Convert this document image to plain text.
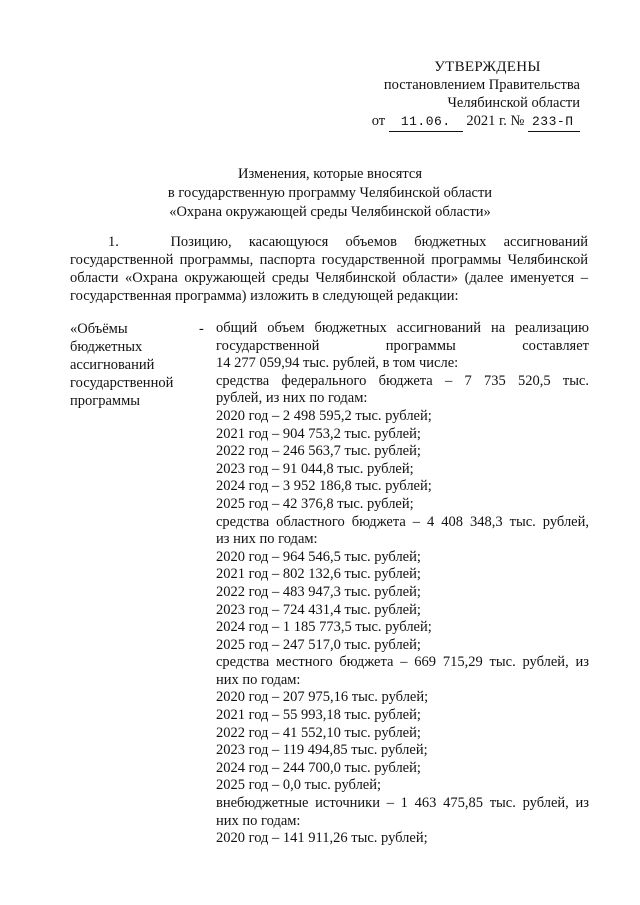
УТВЕРЖДЕНЫ
постановлением Правительства
Челябинской области
от 11.06. 2021 г. № 233-П
Изменения, которые вносятся
в государственную программу Челябинской области
«Охрана окружающей среды Челябинской области»
1.   Позицию, касающуюся объемов бюджетных ассигнований государственной программы, паспорта государственной программы Челябинской области «Охрана окружающей среды Челябинской области» (далее именуется – государственная программа) изложить в следующей редакции:
«Объёмы
бюджетных
ассигнований
государственной
программы
- общий объем бюджетных ассигнований на реализацию
государственной программы составляет
14 277 059,94 тыс. рублей, в том числе:
средства федерального бюджета – 7 735 520,5 тыс.
рублей, из них по годам:
2020 год – 2 498 595,2 тыс. рублей;
2021 год – 904 753,2 тыс. рублей;
2022 год – 246 563,7 тыс. рублей;
2023 год – 91 044,8 тыс. рублей;
2024 год – 3 952 186,8 тыс. рублей;
2025 год – 42 376,8 тыс. рублей;
средства областного бюджета – 4 408 348,3 тыс. рублей,
из них по годам:
2020 год – 964 546,5 тыс. рублей;
2021 год – 802 132,6 тыс. рублей;
2022 год – 483 947,3 тыс. рублей;
2023 год – 724 431,4 тыс. рублей;
2024 год – 1 185 773,5 тыс. рублей;
2025 год – 247 517,0 тыс. рублей;
средства местного бюджета – 669 715,29 тыс. рублей, из
них по годам:
2020 год – 207 975,16 тыс. рублей;
2021 год – 55 993,18 тыс. рублей;
2022 год – 41 552,10 тыс. рублей;
2023 год – 119 494,85 тыс. рублей;
2024 год – 244 700,0 тыс. рублей;
2025 год – 0,0 тыс. рублей;
внебюджетные источники – 1 463 475,85 тыс. рублей, из
них по годам:
2020 год – 141 911,26 тыс. рублей;
